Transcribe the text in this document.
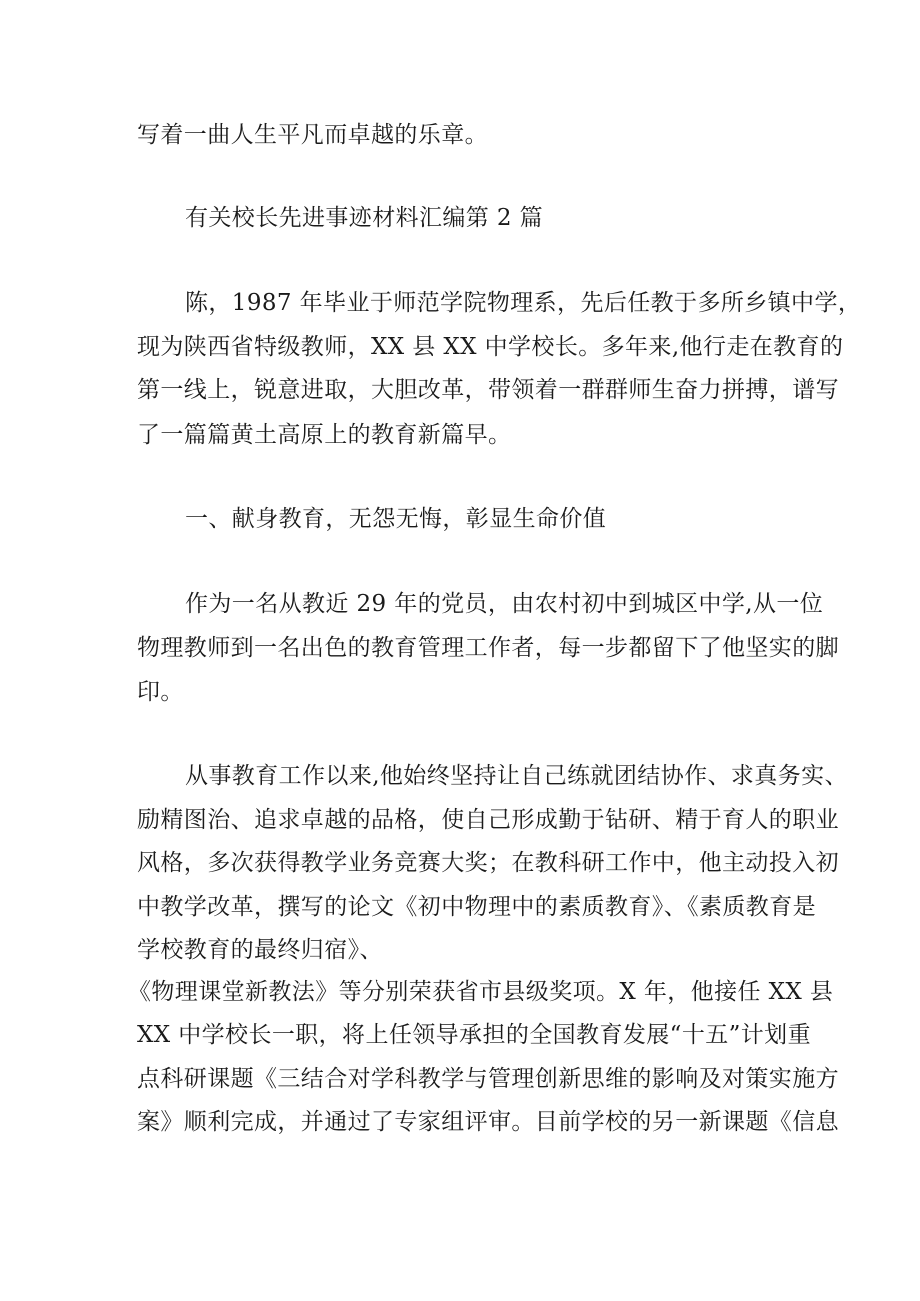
写着一曲人生平凡而卓越的乐章。
有关校长先进事迹材料汇编第 2 篇
陈，1987 年毕业于师范学院物理系，先后任教于多所乡镇中学，
现为陕西省特级教师，XX 县 XX 中学校长。多年来,他行走在教育的
第一线上，锐意进取，大胆改革，带领着一群群师生奋力拼搏，谱写
了一篇篇黄土高原上的教育新篇早。
一、献身教育，无怨无悔，彰显生命价值
作为一名从教近 29 年的党员，由农村初中到城区中学,从一位
物理教师到一名出色的教育管理工作者，每一步都留下了他坚实的脚
印。
从事教育工作以来,他始终坚持让自己练就团结协作、求真务实、
励精图治、追求卓越的品格，使自己形成勤于钻研、精于育人的职业
风格，多次获得教学业务竞赛大奖；在教科研工作中，他主动投入初
中教学改革，撰写的论文《初中物理中的素质教育》、《素质教育是
学校教育的最终归宿》、
《物理课堂新教法》等分别荣获省市县级奖项。X 年，他接任 XX 县
XX 中学校长一职，将上任领导承担的全国教育发展“十五”计划重
点科研课题《三结合对学科教学与管理创新思维的影响及对策实施方
案》顺利完成，并通过了专家组评审。目前学校的另一新课题《信息
